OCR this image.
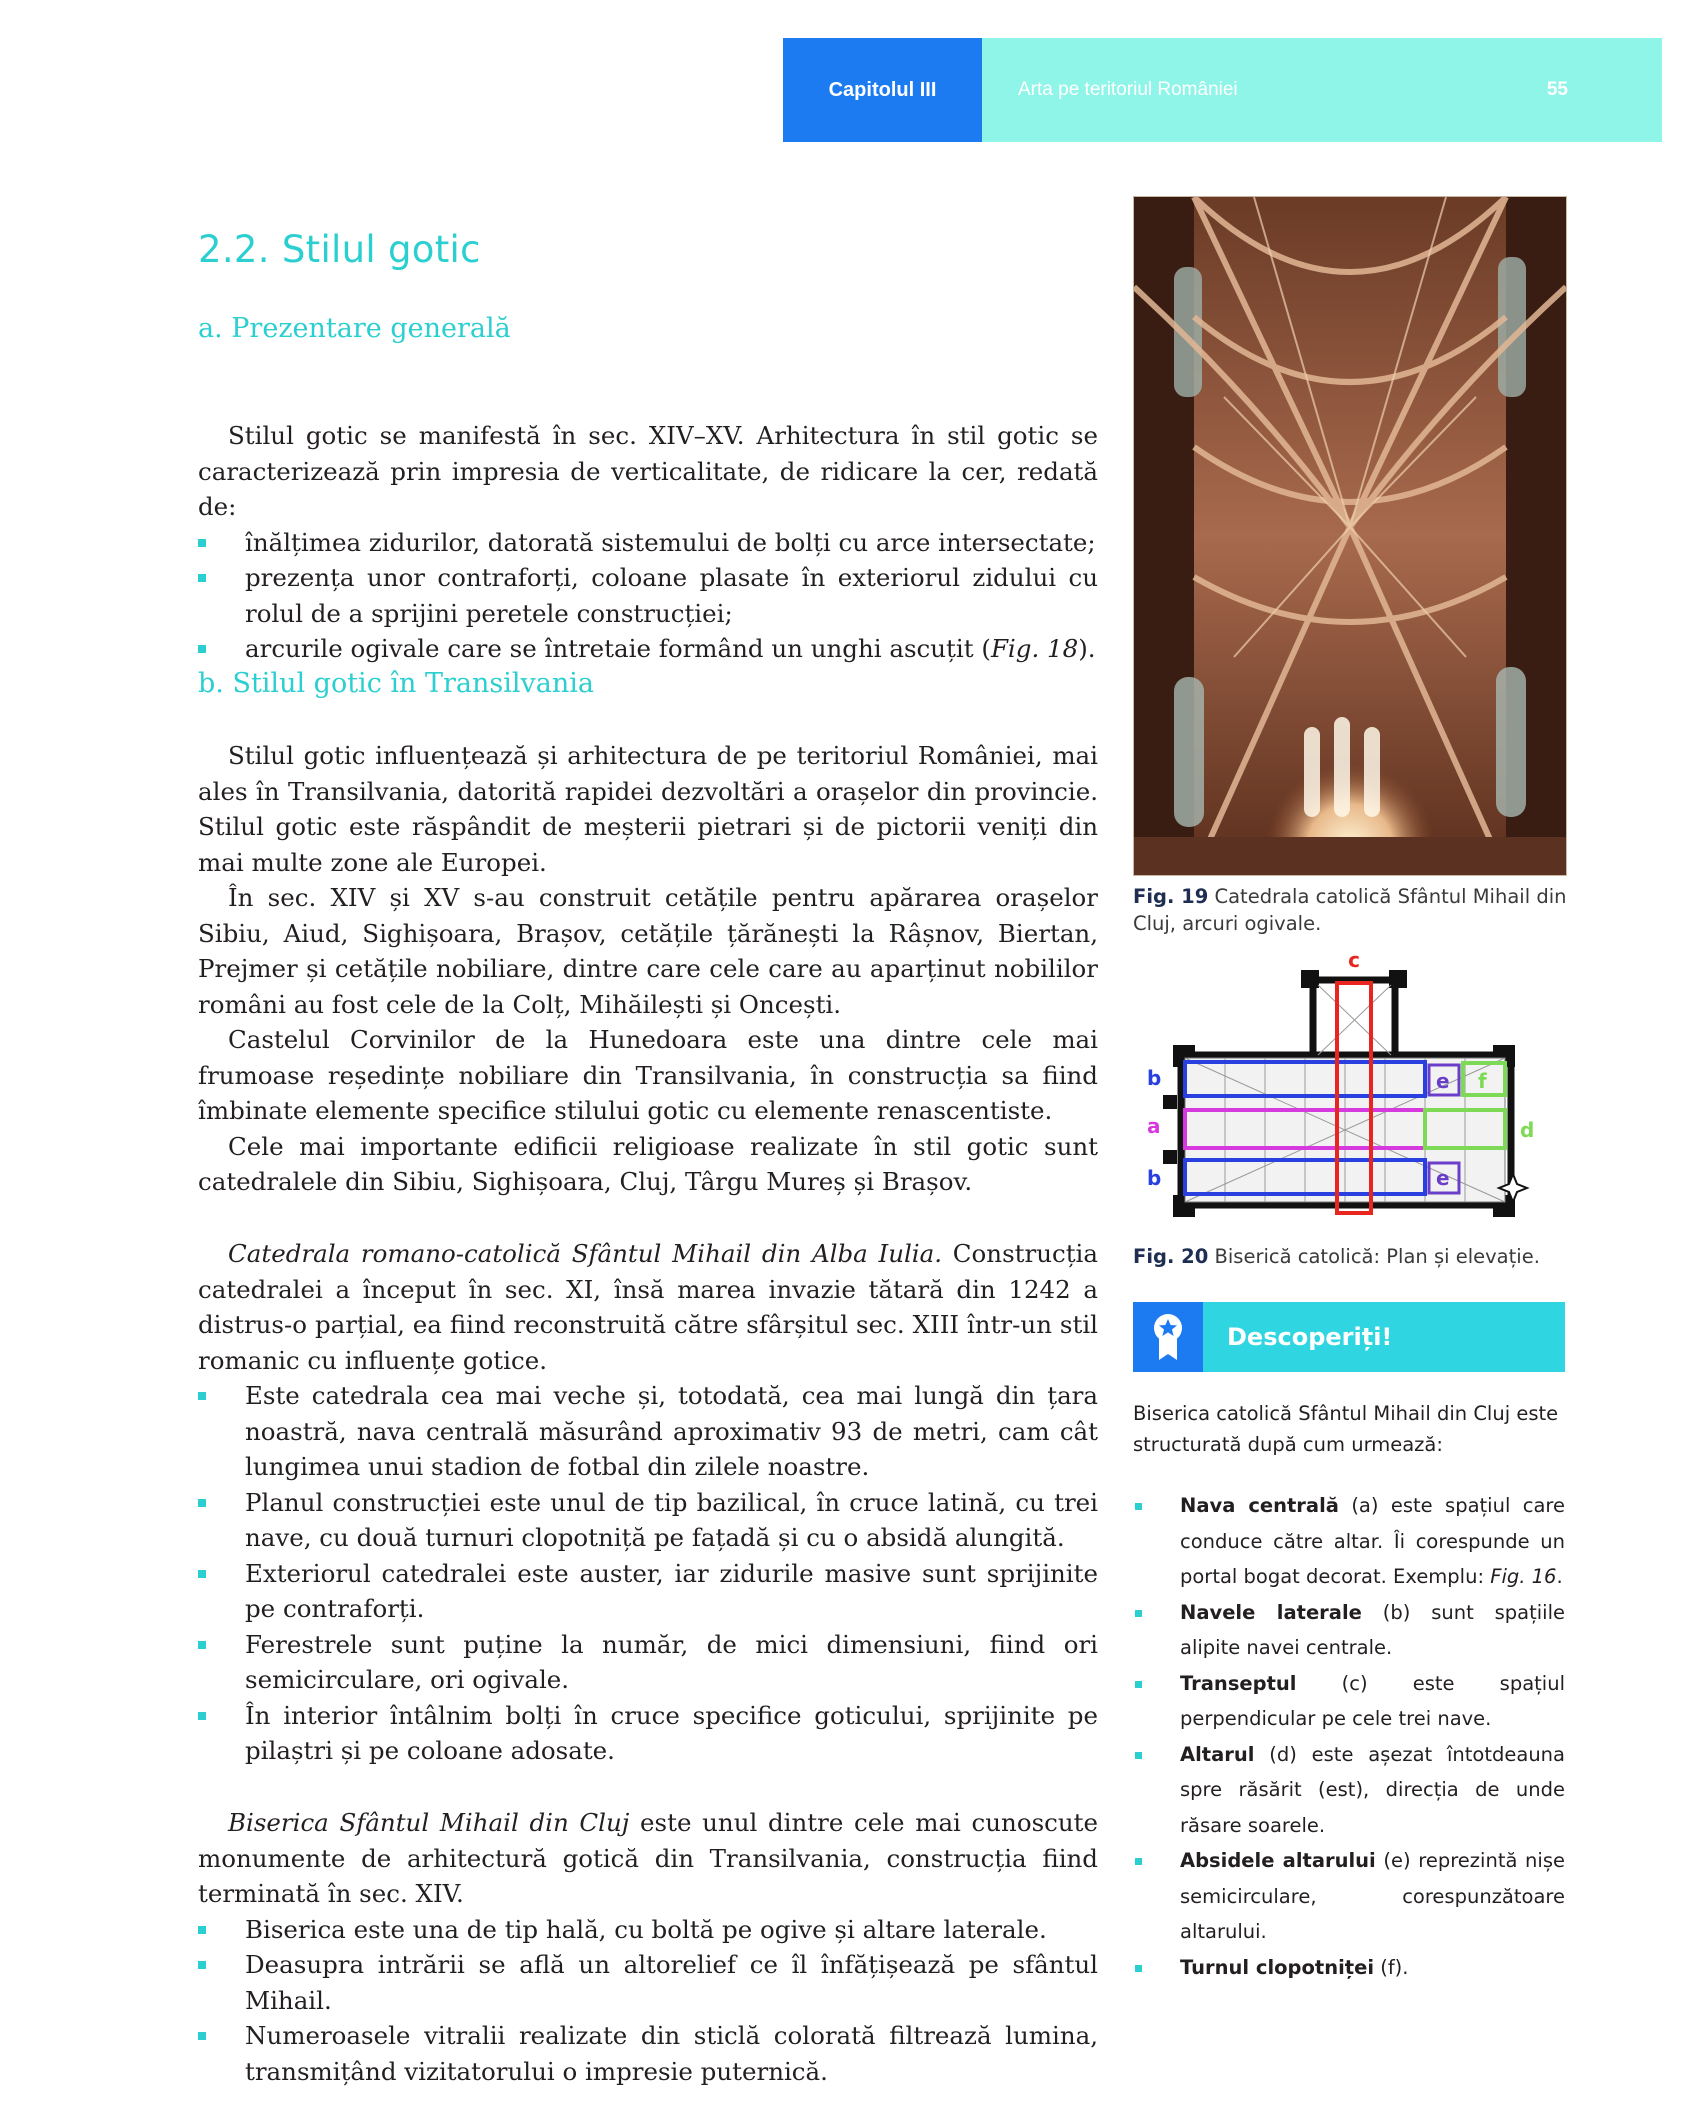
Capitolul III	Arta pe teritoriul României	55
2.2. Stilul gotic
a. Prezentare generală

Stilul gotic se manifestă în sec. XIV–XV. Arhitectura în stil gotic se caracterizează prin impresia de verticalitate, de ridicare la cer, redată de:

înălțimea zidurilor, datorată sistemului de bolți cu arce intersectate;
prezența unor contraforți, coloane plasate în exteriorul zidului cu rolul de a sprijini peretele construcției;
arcurile ogivale care se întretaie formând un unghi ascuțit (Fig. 18).
b. Stilul gotic în Transilvania

Stilul gotic influențează și arhitectura de pe teritoriul României, mai ales în Transilvania, datorită rapidei dezvoltări a orașelor din provincie. Stilul gotic este răspândit de meșterii pietrari și de pictorii veniți din mai multe zone ale Europei.

În sec. XIV și XV s-au construit cetățile pentru apărarea orașelor Sibiu, Aiud, Sighișoara, Brașov, cetățile țărănești la Râșnov, Biertan, Prejmer și cetățile nobiliare, dintre care cele care au aparținut nobililor români au fost cele de la Colț, Mihăilești și Oncești.

Castelul Corvinilor de la Hunedoara este una dintre cele mai frumoase reședințe nobiliare din Transilvania, în construcția sa fiind îmbinate elemente specifice stilului gotic cu elemente renascentiste.

Cele mai importante edificii religioase realizate în stil gotic sunt catedralele din Sibiu, Sighișoara, Cluj, Târgu Mureș și Brașov.

Catedrala romano-catolică Sfântul Mihail din Alba Iulia. Construcția catedralei a început în sec. XI, însă marea invazie tătară din 1242 a distrus-o parțial, ea fiind reconstruită către sfârșitul sec. XIII într-un stil romanic cu influențe gotice.

Este catedrala cea mai veche și, totodată, cea mai lungă din țara noastră, nava centrală măsurând aproximativ 93 de metri, cam cât lungimea unui stadion de fotbal din zilele noastre.
Planul construcției este unul de tip bazilical, în cruce latină, cu trei nave, cu două turnuri clopotniță pe fațadă și cu o absidă alungită.
Exteriorul catedralei este auster, iar zidurile masive sunt sprijinite pe contraforți.
Ferestrele sunt puține la număr, de mici dimensiuni, fiind ori semicirculare, ori ogivale.
În interior întâlnim bolți în cruce specifice goticului, sprijinite pe pilaștri și pe coloane adosate.

Biserica Sfântul Mihail din Cluj este unul dintre cele mai cunoscute monumente de arhitectură gotică din Transilvania, construcția fiind terminată în sec. XIV.

Biserica este una de tip hală, cu boltă pe ogive și altare laterale.
Deasupra intrării se află un altorelief ce îl înfățișează pe sfântul Mihail.
Numeroasele vitralii realizate din sticlă colorată filtrează lumina, transmițând vizitatorului o impresie puternică.
Fig. 19 Catedrala catolică Sfântul Mihail din Cluj, arcuri ogivale.
c
b
a
b
d
e
e
f
Fig. 20 Biserică catolică: Plan și elevație.
Descoperiți!
Biserica catolică Sfântul Mihail din Cluj este structurată după cum urmează:
Nava centrală (a) este spațiul care conduce către altar. Îi corespunde un portal bogat decorat. Exemplu: Fig. 16.
Navele laterale (b) sunt spațiile alipite navei centrale.
Transeptul (c) este spațiul perpendicular pe cele trei nave.
Altarul (d) este așezat întotdeauna spre răsărit (est), direcția de unde răsare soarele.
Absidele altarului (e) reprezintă nișe semicirculare, corespunzătoare altarului.
Turnul clopotniței (f).
